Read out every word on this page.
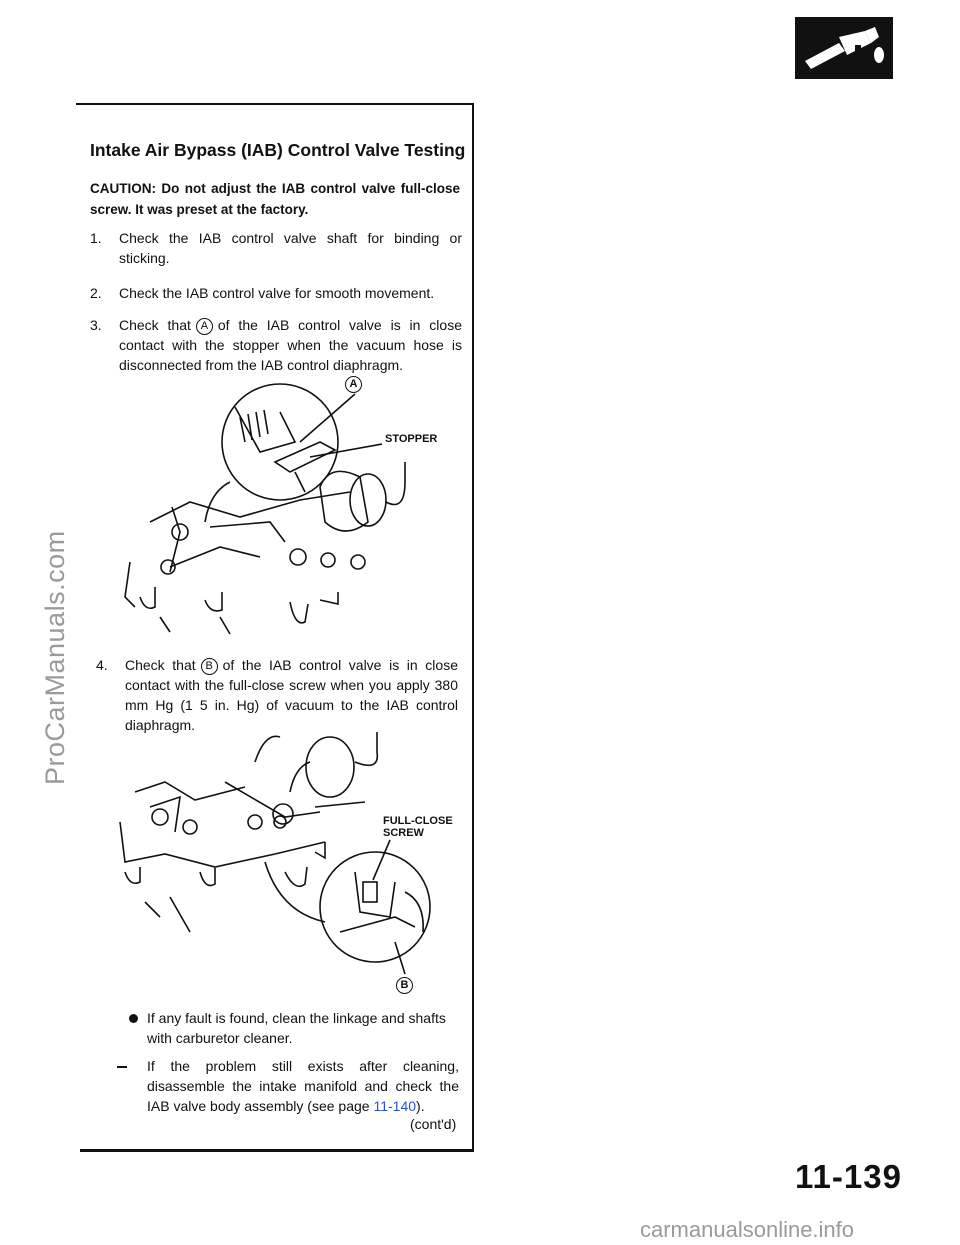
ProCarManuals.com
Intake Air Bypass (IAB) Control Valve Testing
CAUTION: Do not adjust the IAB control valve full-close screw. It was preset at the factory.
1. Check the IAB control valve shaft for binding or sticking.
2. Check the IAB control valve for smooth movement.
3. Check that A of the IAB control valve is in close contact with the stopper when the vacuum hose is disconnected from the IAB control diaphragm.
A
STOPPER
4. Check that B of the IAB control valve is in close contact with the full-close screw when you apply 380 mm Hg (1 5 in. Hg) of vacuum to the IAB control diaphragm.
FULL-CLOSE
SCREW
B
If any fault is found, clean the linkage and shafts with carburetor cleaner.
If the problem still exists after cleaning, disassemble the intake manifold and check the IAB valve body assembly (see page 11-140).
(cont'd)
11-139
carmanualsonline.info
